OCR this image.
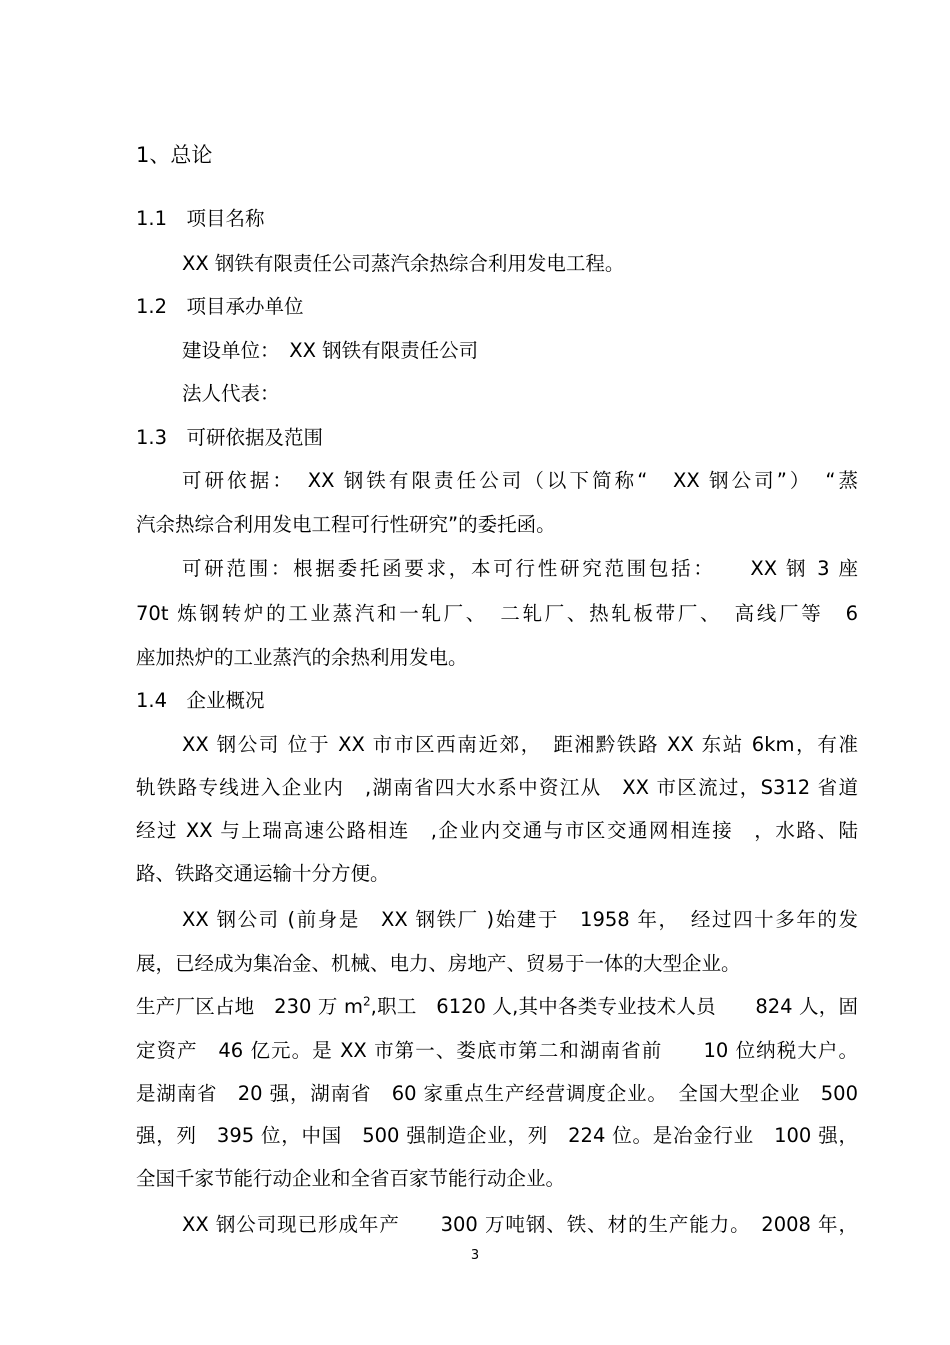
1、总论
1.1　项目名称
XX 钢铁有限责任公司蒸汽余热综合利用发电工程。
1.2　项目承办单位
建设单位：　XX 钢铁有限责任公司
法人代表：
1.3　可研依据及范围
可研依据：　XX 钢铁有限责任公司（以下简称“　XX 钢公司”）　“蒸
汽余热综合利用发电工程可行性研究”的委托函。
可研范围：根据委托函要求，本可行性研究范围包括：　　XX 钢 3 座
70t 炼钢转炉的工业蒸汽和一轧厂、　二轧厂、热轧板带厂、　高线厂等　6
座加热炉的工业蒸汽的余热利用发电。
1.4　企业概况
XX 钢公司 位于 XX 市市区西南近郊，　距湘黔铁路 XX 东站 6km，有准
轨铁路专线进入企业内　,湖南省四大水系中资江从　XX 市区流过，S312 省道
经过 XX 与上瑞高速公路相连　,企业内交通与市区交通网相连接　，水路、陆
路、铁路交通运输十分方便。
XX 钢公司 (前身是　XX 钢铁厂 )始建于　1958 年，　经过四十多年的发
展，已经成为集冶金、机械、电力、房地产、贸易于一体的大型企业。
生产厂区占地　230 万 $m^2$,职工　6120 人,其中各类专业技术人员　　824 人，固
定资产　46 亿元。是 XX 市第一、娄底市第二和湖南省前　　10 位纳税大户。
是湖南省　20 强，湖南省　60 家重点生产经营调度企业。　全国大型企业　500
强，列　395 位，中国　500 强制造企业，列　224 位。是冶金行业　100 强，
全国千家节能行动企业和全省百家节能行动企业。
XX 钢公司现已形成年产　　300 万吨钢、铁、材的生产能力。　2008 年，
3
